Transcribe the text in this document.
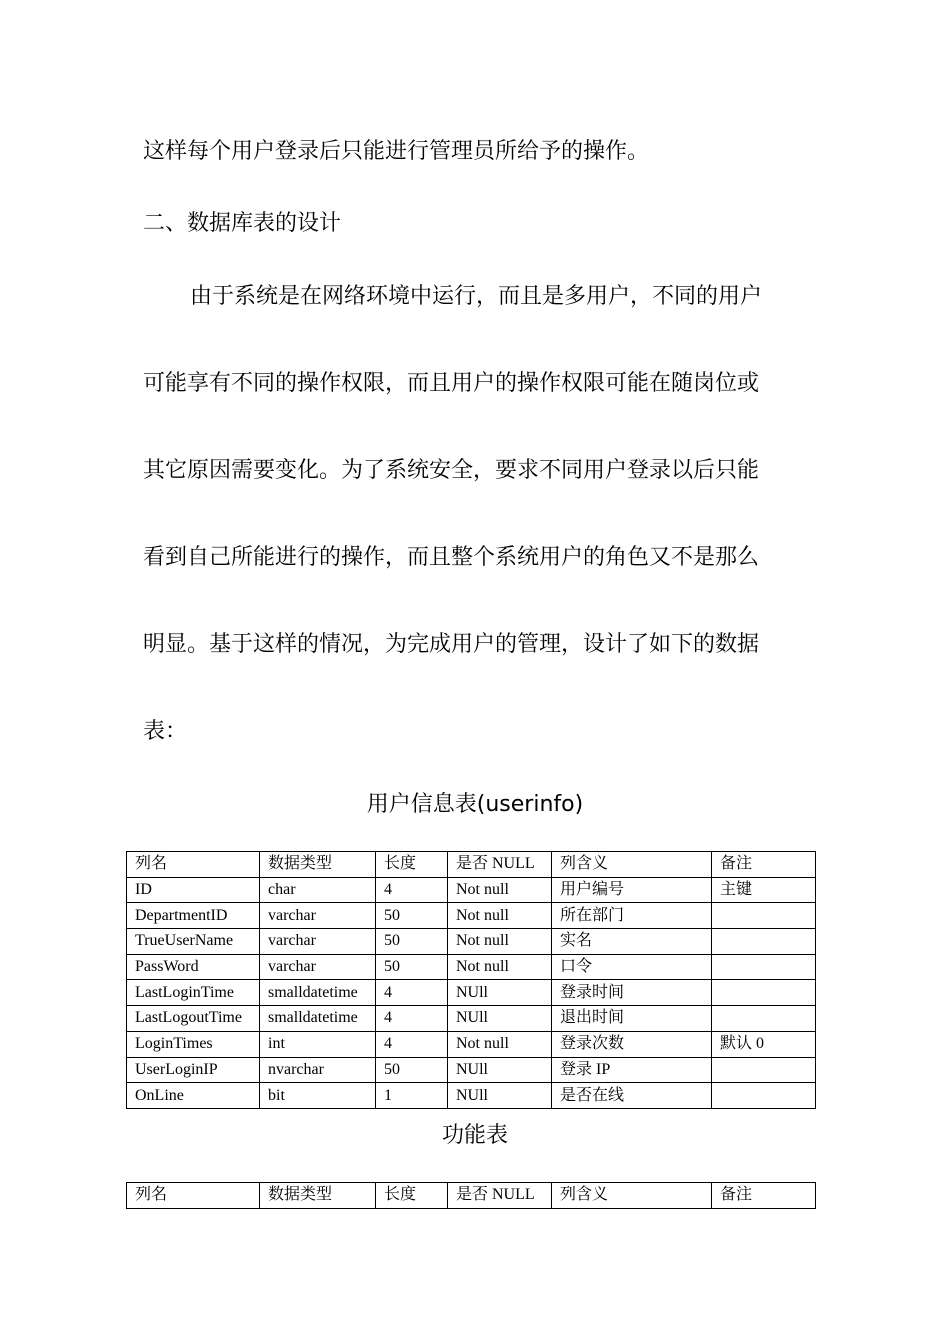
这样每个用户登录后只能进行管理员所给予的操作。
二、数据库表的设计
由于系统是在网络环境中运行，而且是多用户，不同的用户
可能享有不同的操作权限，而且用户的操作权限可能在随岗位或
其它原因需要变化。为了系统安全，要求不同用户登录以后只能
看到自己所能进行的操作，而且整个系统用户的角色又不是那么
明显。基于这样的情况，为完成用户的管理，设计了如下的数据
表：
用户信息表(userinfo)
列名	数据类型	长度	是否 NULL	列含义	备注
ID	char	4	Not null	用户编号	主键
DepartmentID	varchar	50	Not null	所在部门	
TrueUserName	varchar	50	Not null	实名	
PassWord	varchar	50	Not null	口令	
LastLoginTime	smalldatetime	4	NUll	登录时间	
LastLogoutTime	smalldatetime	4	NUll	退出时间	
LoginTimes	int	4	Not null	登录次数	默认 0
UserLoginIP	nvarchar	50	NUll	登录 IP	
OnLine	bit	1	NUll	是否在线	
功能表
列名	数据类型	长度	是否 NULL	列含义	备注
